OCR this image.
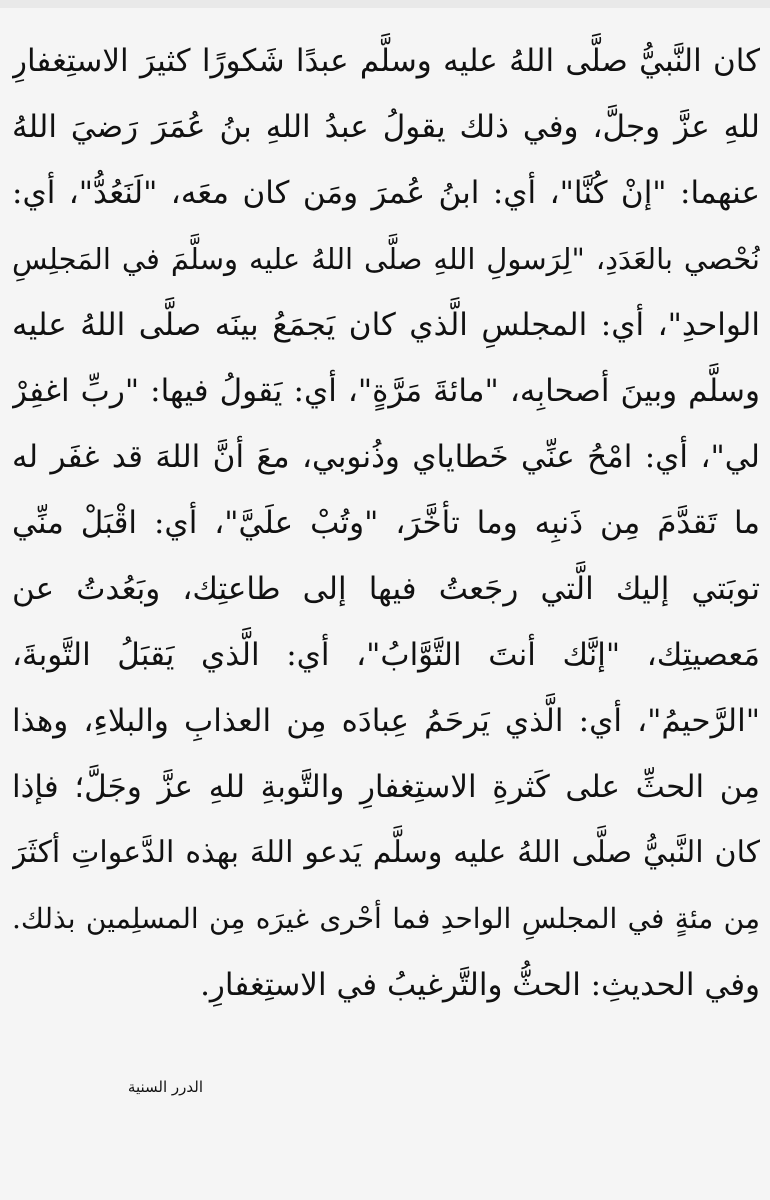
كان النَّبيُّ صلَّى اللهُ عليه وسلَّم عبدًا شَكورًا كثيرَ الاستِغفارِ
للهِ عزَّ وجلَّ، وفي ذلك يقولُ عبدُ اللهِ بنُ عُمَرَ رَضيَ اللهُ
عنهما: "إنْ كُنَّا"، أي: ابنُ عُمرَ ومَن كان معَه، "لَنَعُدُّ"، أي:
نُحْصي بالعَدَدِ، "لِرَسولِ اللهِ صلَّى اللهُ عليه وسلَّمَ في المَجلِسِ
الواحدِ"، أي: المجلسِ الَّذي كان يَجمَعُ بينَه صلَّى اللهُ عليه
وسلَّم وبينَ أصحابِه، "مائةَ مَرَّةٍ"، أي: يَقولُ فيها: "ربِّ اغفِرْ
لي"، أي: امْحُ عنِّي خَطاياي وذُنوبي، معَ أنَّ اللهَ قد غفَر له
ما تَقدَّمَ مِن ذَنبِه وما تأخَّرَ، "وتُبْ علَيَّ"، أي: اقْبَلْ منِّي
توبَتي إليك الَّتي رجَعتُ فيها إلى طاعتِك، وبَعُدتُ عن
مَعصيتِك، "إنَّك أنتَ التَّوَّابُ"، أي: الَّذي يَقبَلُ التَّوبةَ،
"الرَّحيمُ"، أي: الَّذي يَرحَمُ عِبادَه مِن العذابِ والبلاءِ، وهذا
مِن الحثِّ على كَثرةِ الاستِغفارِ والتَّوبةِ للهِ عزَّ وجَلَّ؛ فإذا
كان النَّبيُّ صلَّى اللهُ عليه وسلَّم يَدعو اللهَ بهذه الدَّعواتِ أكثَرَ
مِن مئةٍ في المجلسِ الواحدِ فما أحْرى غيرَه مِن المسلِمين بذلك.
وفي الحديثِ: الحثُّ والتَّرغيبُ في الاستِغفارِ.
الدرر السنية
